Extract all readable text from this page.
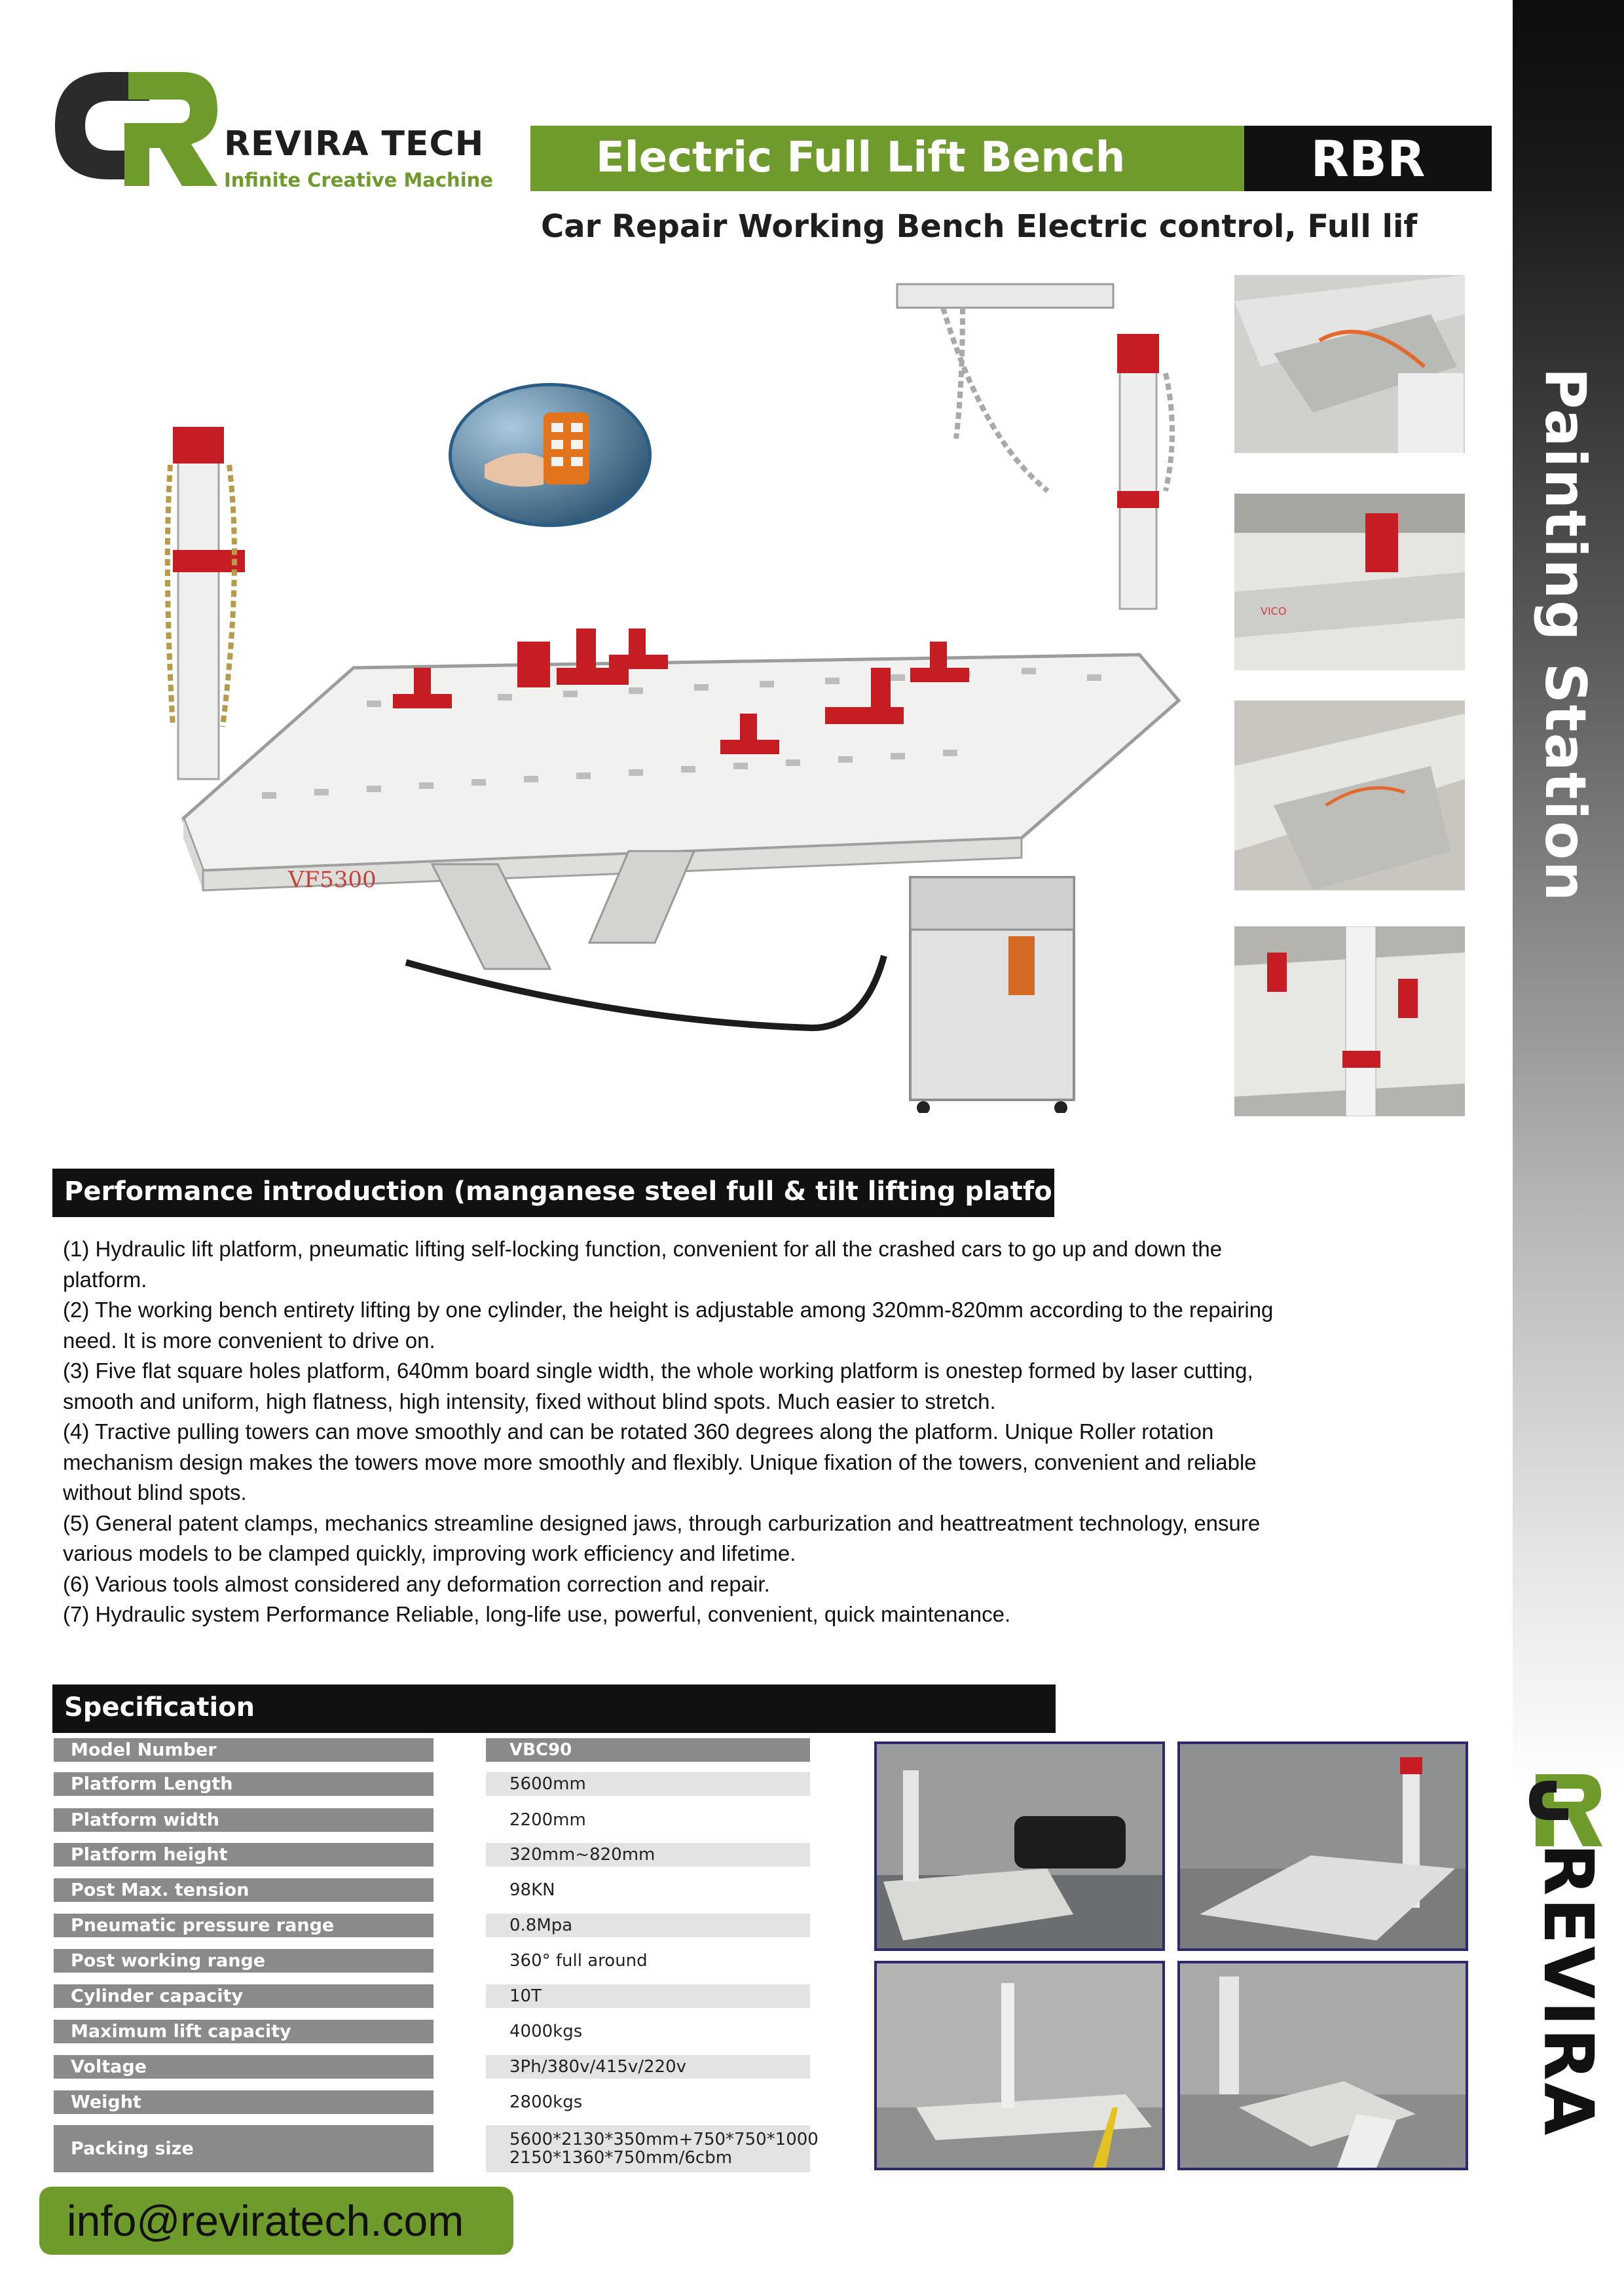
Painting Station
REVIRA
REVIRA TECH
Infinite Creative Machine Electric Full Lift Bench	RBR
Car Repair Working Bench Electric control, Full lif
VF5300
VICO
Performance introduction (manganese steel full & tilt lifting platform)
(1) Hydraulic lift platform, pneumatic lifting self-locking function, convenient for all the crashed cars to go up and down the
platform.
(2) The working bench entirety lifting by one cylinder, the height is adjustable among 320mm-820mm according to the repairing
need. It is more convenient to drive on.
(3) Five flat square holes platform, 640mm board single width, the whole working platform is onestep formed by laser cutting,
smooth and uniform, high flatness, high intensity, fixed without blind spots. Much easier to stretch.
(4) Tractive pulling towers can move smoothly and can be rotated 360 degrees along the platform. Unique Roller rotation
mechanism design makes the towers move more smoothly and flexibly. Unique fixation of the towers, convenient and reliable
without blind spots.
(5) General patent clamps, mechanics streamline designed jaws, through carburization and heattreatment technology, ensure
various models to be clamped quickly, improving work efficiency and lifetime.
(6) Various tools almost considered any deformation correction and repair.
(7) Hydraulic system Performance Reliable, long-life use, powerful, convenient, quick maintenance.
Specification
Model Number	VBC90
Platform Length	5600mm
Platform width	2200mm
Platform height	320mm~820mm
Post Max. tension	98KN
Pneumatic pressure range	0.8Mpa
Post working range	360° full around
Cylinder capacity	10T
Maximum lift capacity	4000kgs
Voltage	3Ph/380v/415v/220v
Weight	2800kgs
Packing size	5600*2130*350mm+750*750*1000
2150*1360*750mm/6cbm
info@reviratech.com
